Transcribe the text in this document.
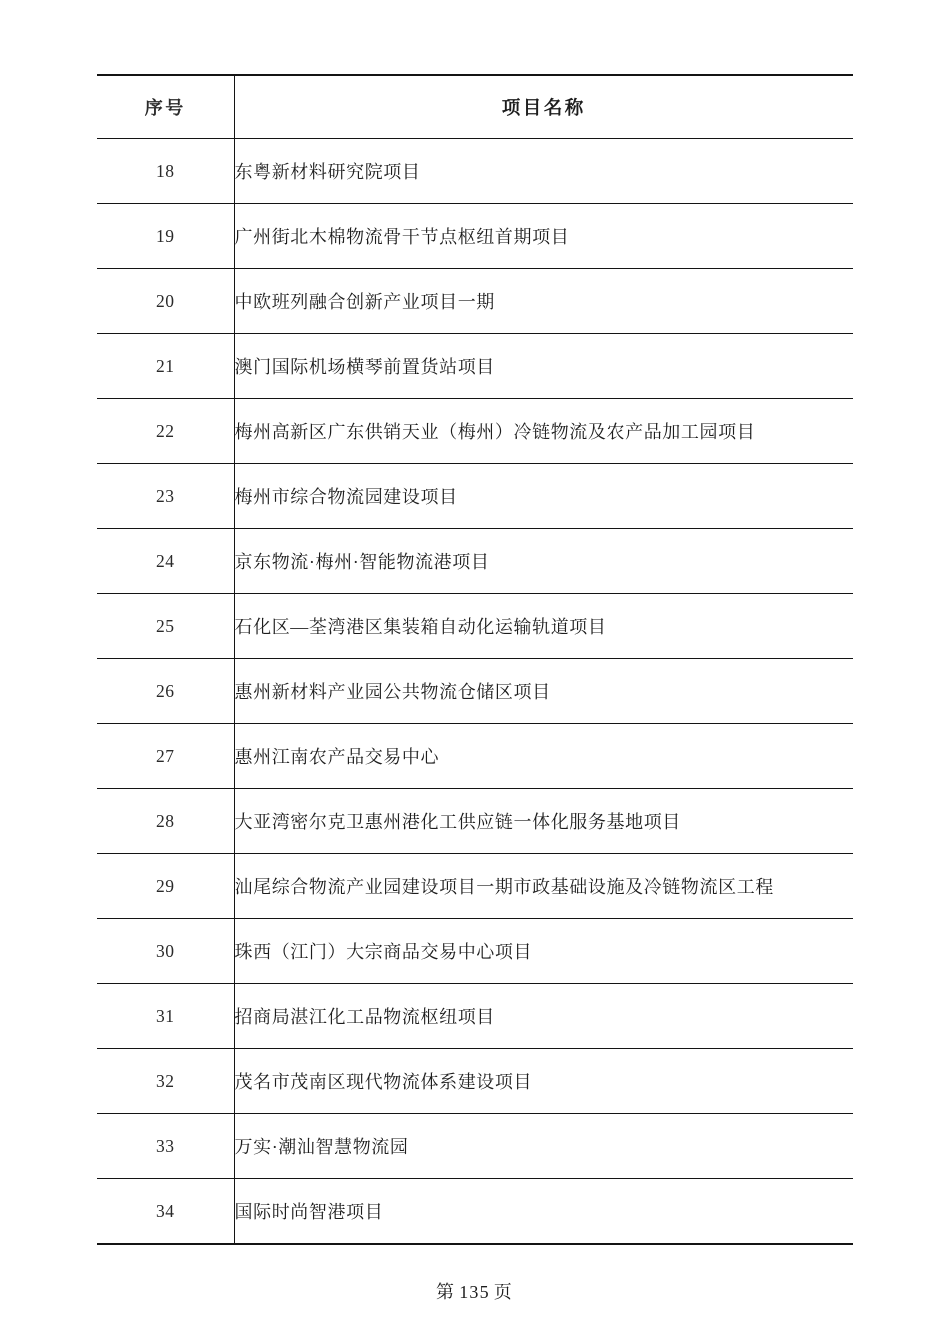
序号	项目名称
18	东粤新材料研究院项目
19	广州街北木棉物流骨干节点枢纽首期项目
20	中欧班列融合创新产业项目一期
21	澳门国际机场横琴前置货站项目
22	梅州高新区广东供销天业（梅州）冷链物流及农产品加工园项目
23	梅州市综合物流园建设项目
24	京东物流·梅州·智能物流港项目
25	石化区—荃湾港区集装箱自动化运输轨道项目
26	惠州新材料产业园公共物流仓储区项目
27	惠州江南农产品交易中心
28	大亚湾密尔克卫惠州港化工供应链一体化服务基地项目
29	汕尾综合物流产业园建设项目一期市政基础设施及冷链物流区工程
30	珠西（江门）大宗商品交易中心项目
31	招商局湛江化工品物流枢纽项目
32	茂名市茂南区现代物流体系建设项目
33	万实·潮汕智慧物流园
34	国际时尚智港项目
第 135 页
